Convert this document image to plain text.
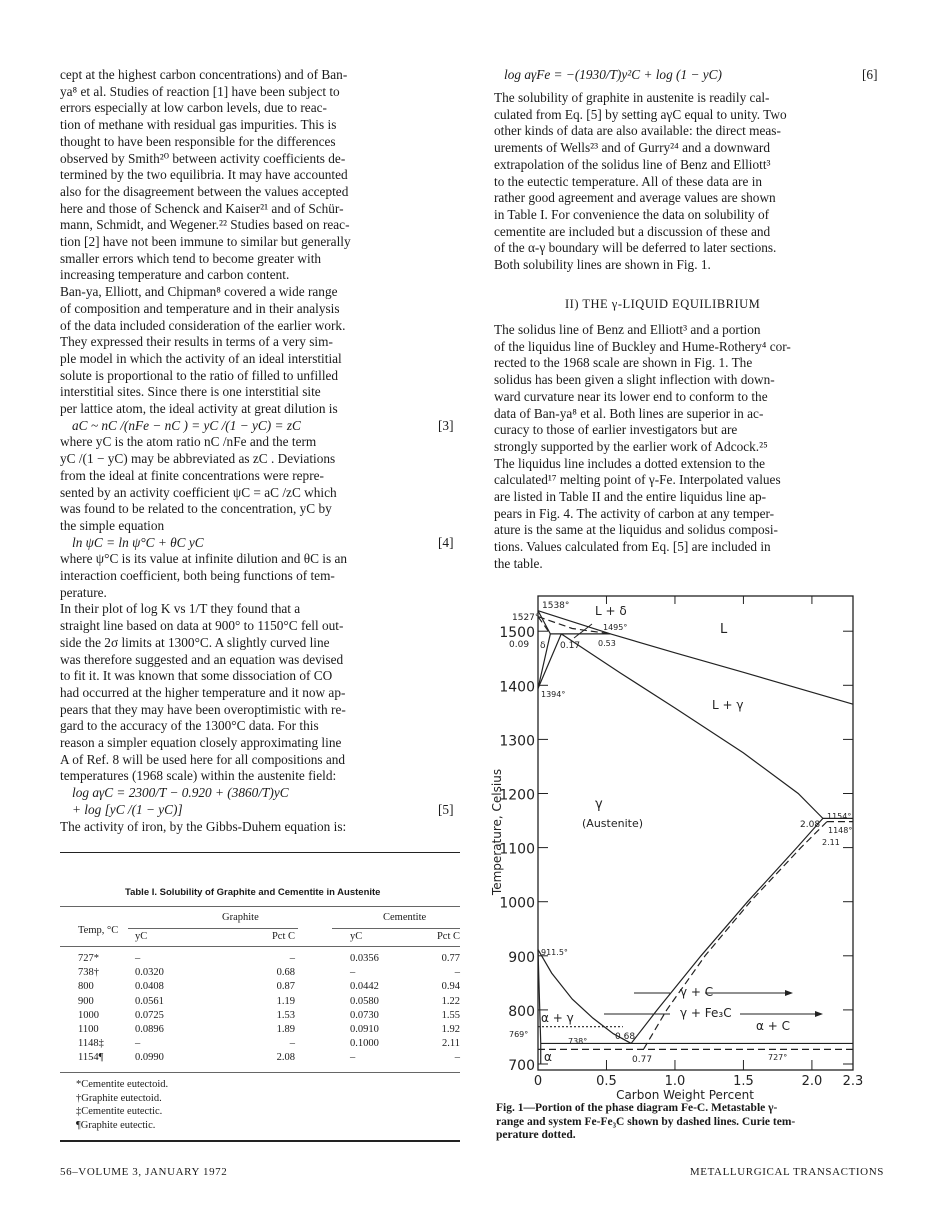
cept at the highest carbon concentrations) and of Ban-
ya⁸ et al. Studies of reaction [1] have been subject to
errors especially at low carbon levels, due to reac-
tion of methane with residual gas impurities. This is
thought to have been responsible for the differences
observed by Smith²⁰ between activity coefficients de-
termined by the two equilibria. It may have accounted
also for the disagreement between the values accepted
here and those of Schenck and Kaiser²¹ and of Schür-
mann, Schmidt, and Wegener.²² Studies based on reac-
tion [2] have not been immune to similar but generally
smaller errors which tend to become greater with
increasing temperature and carbon content.
Ban-ya, Elliott, and Chipman⁸ covered a wide range
of composition and temperature and in their analysis
of the data included consideration of the earlier work.
They expressed their results in terms of a very sim-
ple model in which the activity of an ideal interstitial
solute is proportional to the ratio of filled to unfilled
interstitial sites. Since there is one interstitial site
per lattice atom, the ideal activity at great dilution is
aC ~ nC /(nFe − nC ) = yC /(1 − yC) = zC	[3]
where yC is the atom ratio nC /nFe and the term
yC /(1 − yC) may be abbreviated as zC . Deviations
from the ideal at finite concentrations were repre-
sented by an activity coefficient ψC = aC /zC which
was found to be related to the concentration, yC by
the simple equation
ln ψC = ln ψ°C + θC yC	[4]
where ψ°C is its value at infinite dilution and θC is an
interaction coefficient, both being functions of tem-
perature.
In their plot of log K vs 1/T they found that a
straight line based on data at 900° to 1150°C fell out-
side the 2σ limits at 1300°C. A slightly curved line
was therefore suggested and an equation was devised
to fit it. It was known that some dissociation of CO
had occurred at the higher temperature and it now ap-
pears that they may have been overoptimistic with re-
gard to the accuracy of the 1300°C data. For this
reason a simpler equation closely approximating line
A of Ref. 8 will be used here for all compositions and
temperatures (1968 scale) within the austenite field:
log aγC = 2300/T − 0.920 + (3860/T)yC
+ log [yC /(1 − yC)]	[5]
The activity of iron, by the Gibbs-Duhem equation is:
log aγFe = −(1930/T)y²C + log (1 − yC)	[6]
The solubility of graphite in austenite is readily cal-
culated from Eq. [5] by setting aγC equal to unity. Two
other kinds of data are also available: the direct meas-
urements of Wells²³ and of Gurry²⁴ and a downward
extrapolation of the solidus line of Benz and Elliott³
to the eutectic temperature. All of these data are in
rather good agreement and average values are shown
in Table I. For convenience the data on solubility of
cementite are included but a discussion of these and
of the α-γ boundary will be deferred to later sections.
Both solubility lines are shown in Fig. 1.
The solidus line of Benz and Elliott³ and a portion
of the liquidus line of Buckley and Hume-Rothery⁴ cor-
rected to the 1968 scale are shown in Fig. 1. The
solidus has been given a slight inflection with down-
ward curvature near its lower end to conform to the
data of Ban-ya⁸ et al. Both lines are superior in ac-
curacy to those of earlier investigators but are
strongly supported by the earlier work of Adcock.²⁵
The liquidus line includes a dotted extension to the
calculated¹⁷ melting point of γ-Fe. Interpolated values
are listed in Table II and the entire liquidus line ap-
pears in Fig. 4. The activity of carbon at any temper-
ature is the same at the liquidus and solidus composi-
tions. Values calculated from Eq. [5] are included in
the table.
II) THE γ-LIQUID EQUILIBRIUM
Table I. Solubility of Graphite and Cementite in Austenite
Graphite	Cementite
Temp, °C
yC	Pct C	yC	Pct C
727*	–	–	0.0356	0.77
738†	0.0320	0.68	–	–
800	0.0408	0.87	0.0442	0.94
900	0.0561	1.19	0.0580	1.22
1000	0.0725	1.53	0.0730	1.55
1100	0.0896	1.89	0.0910	1.92
1148‡	–	–	0.1000	2.11
1154¶	0.0990	2.08	–	–
*Cementite eutectoid.
†Graphite eutectoid.
‡Cementite eutectic.
¶Graphite eutectic.
700
800
900
1000
1100
1200
1300
1400
1500
0	0.5	1.0	1.5	2.0 2.3
Carbon Weight Percent
Temperature, Celsius
1538°
1527°	L + δ
1495°
0.09 δ 0.17 0.53
L
1394°
L + γ
γ
(Austenite)	2.08
1154°
1148°
2.11
911.5°
γ + C
γ + Fe₃C
α + γ
769°	0.68
738°
α + C
0.77	727°
α
Fig. 1—Portion of the phase diagram Fe-C. Metastable γ-
range and system Fe-Fe₃C shown by dashed lines. Curie tem-
perature dotted.
56–VOLUME 3, JANUARY 1972	METALLURGICAL TRANSACTIONS
